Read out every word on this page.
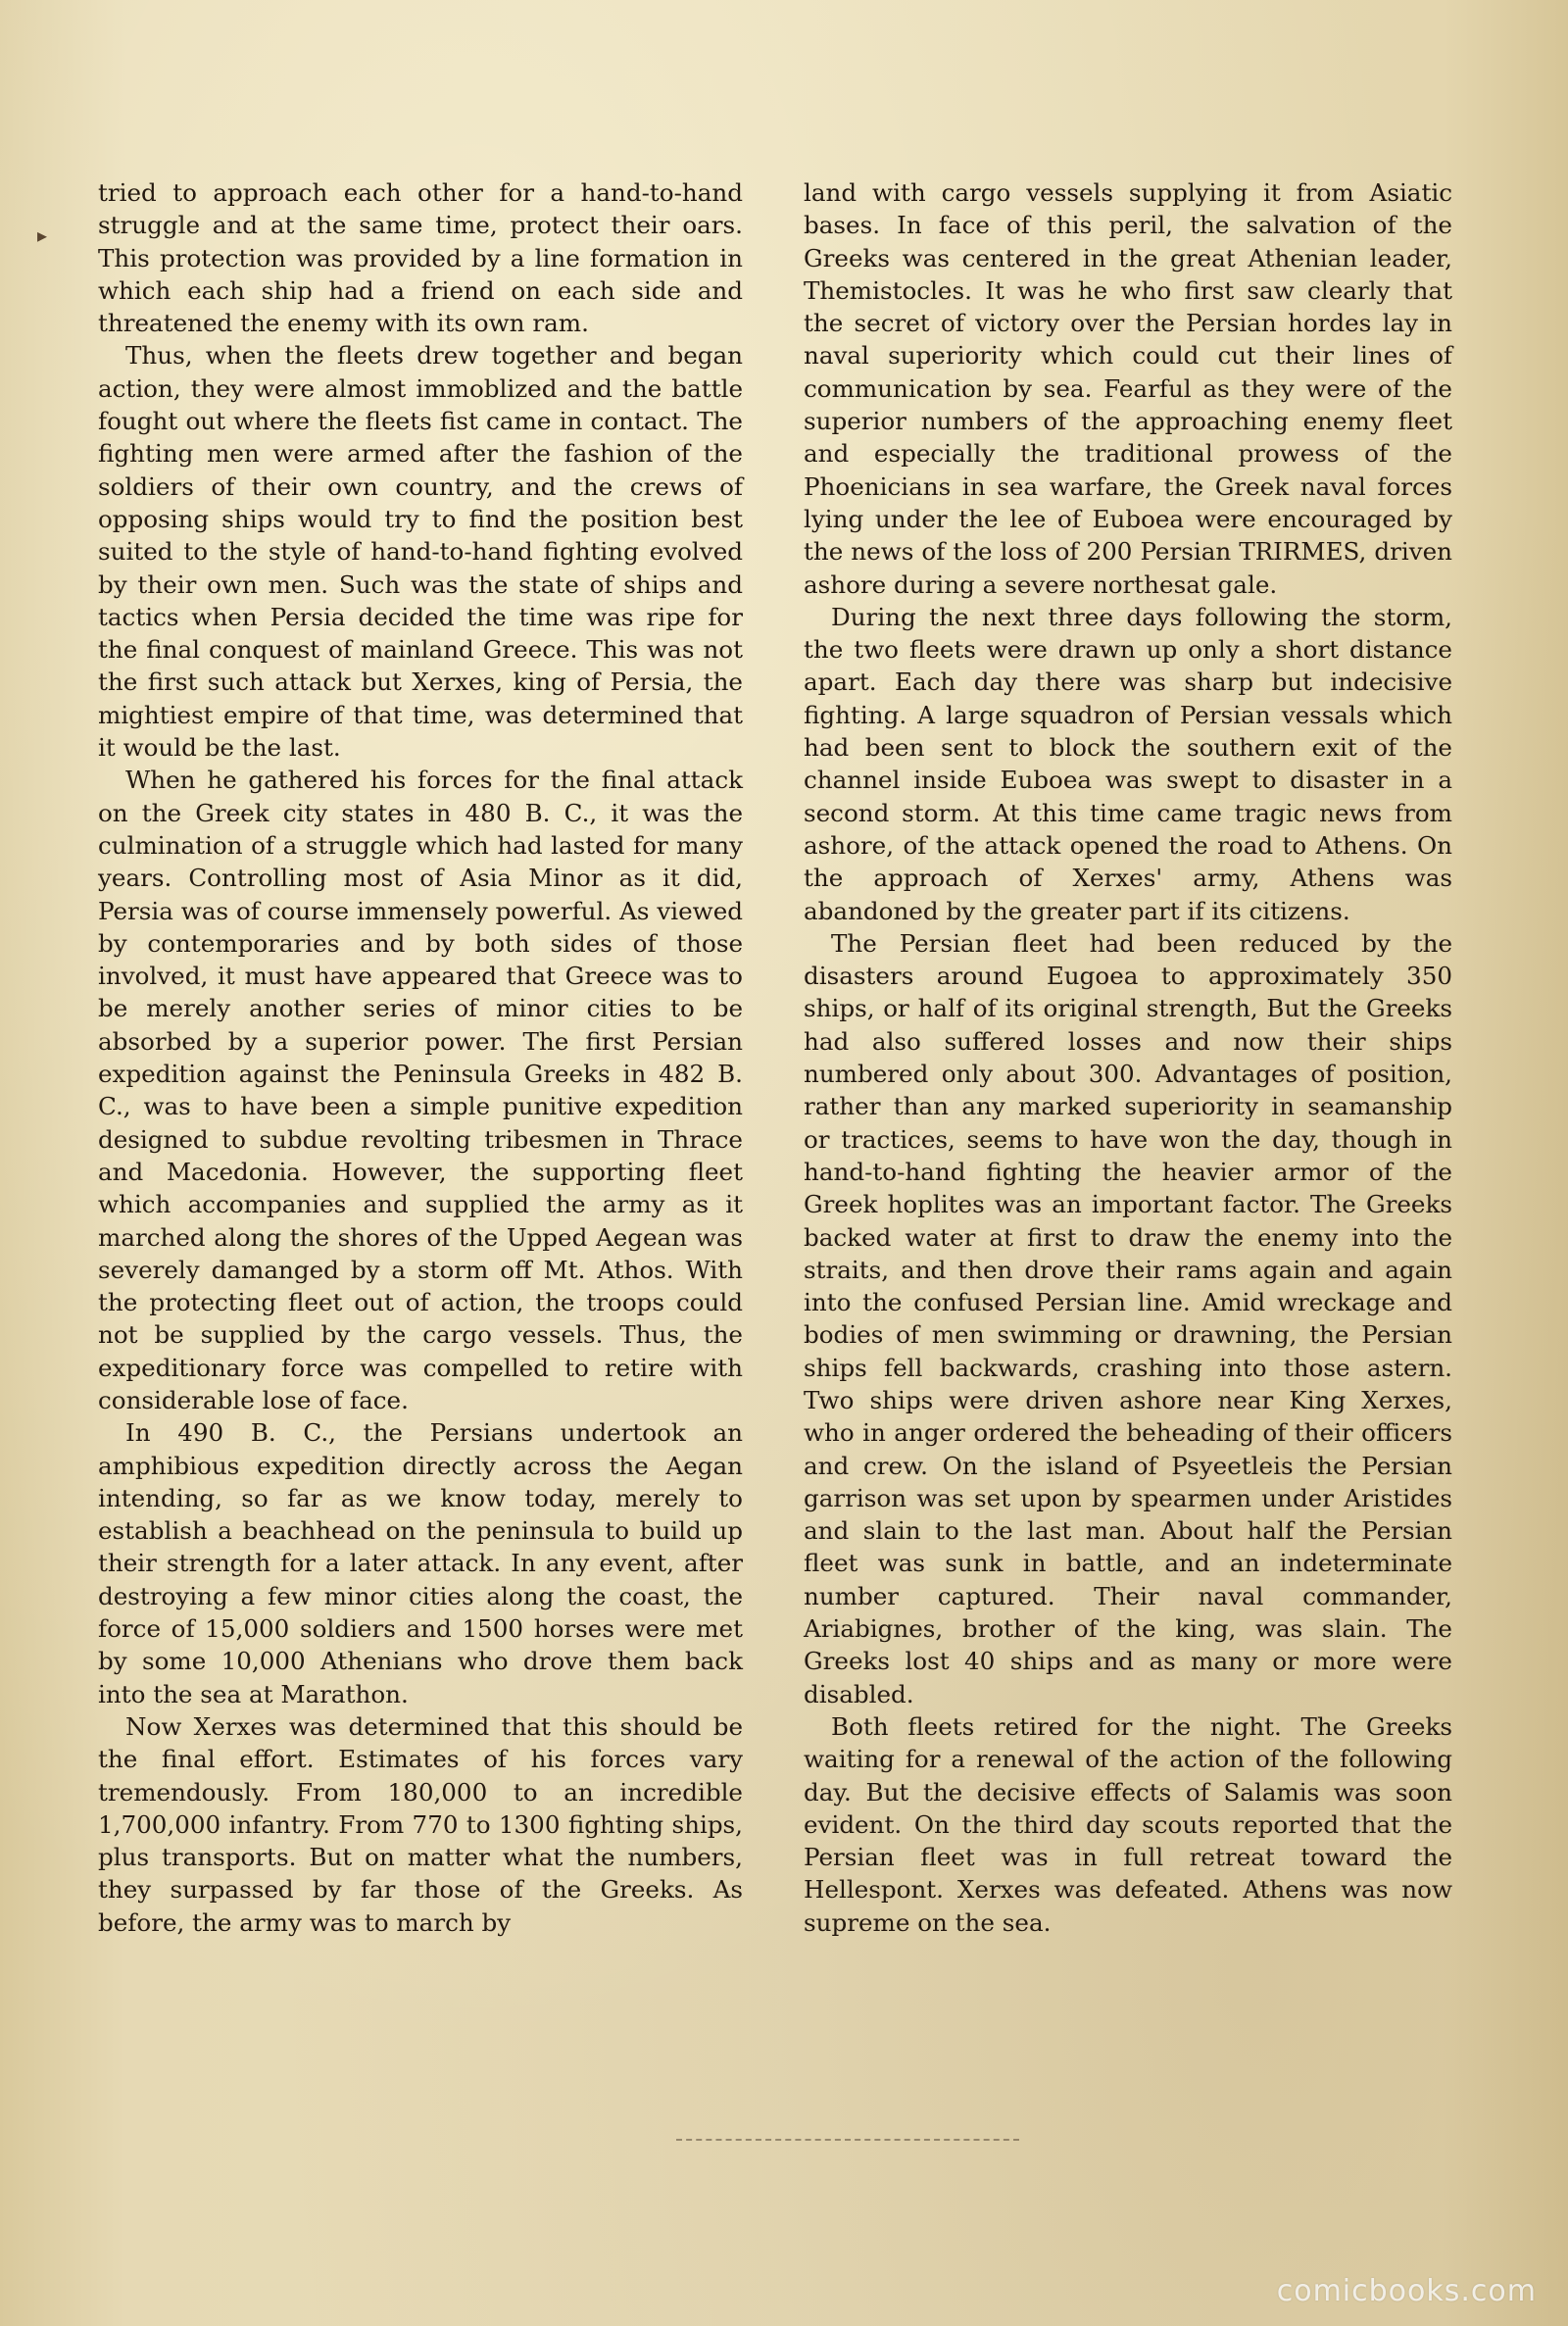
▸

tried to approach each other for a hand-to-hand struggle and at the same time, protect their oars. This protection was provided by a line formation in which each ship had a friend on each side and threatened the enemy with its own ram.

Thus, when the fleets drew together and began action, they were almost immoblized and the battle fought out where the fleets fist came in contact. The fighting men were armed after the fashion of the soldiers of their own country, and the crews of opposing ships would try to find the position best suited to the style of hand-to-hand fighting evolved by their own men. Such was the state of ships and tactics when Persia decided the time was ripe for the final conquest of mainland Greece. This was not the first such attack but Xerxes, king of Persia, the mightiest empire of that time, was determined that it would be the last.

When he gathered his forces for the final attack on the Greek city states in 480 B. C., it was the culmination of a struggle which had lasted for many years. Controlling most of Asia Minor as it did, Persia was of course immensely powerful. As viewed by contemporaries and by both sides of those involved, it must have appeared that Greece was to be merely another series of minor cities to be absorbed by a superior power. The first Persian expedition against the Peninsula Greeks in 482 B. C., was to have been a simple punitive expedition designed to subdue revolting tribesmen in Thrace and Macedonia. However, the supporting fleet which accompanies and supplied the army as it marched along the shores of the Upped Aegean was severely damanged by a storm off Mt. Athos. With the protecting fleet out of action, the troops could not be supplied by the cargo vessels. Thus, the expeditionary force was compelled to retire with considerable lose of face.

In 490 B. C., the Persians undertook an amphibious expedition directly across the Aegan intending, so far as we know today, merely to establish a beachhead on the peninsula to build up their strength for a later attack. In any event, after destroying a few minor cities along the coast, the force of 15,000 soldiers and 1500 horses were met by some 10,000 Athenians who drove them back into the sea at Marathon.

Now Xerxes was determined that this should be the final effort. Estimates of his forces vary tremendously. From 180,000 to an incredible 1,700,000 infantry. From 770 to 1300 fighting ships, plus transports. But on matter what the numbers, they surpassed by far those of the Greeks. As before, the army was to march by

land with cargo vessels supplying it from Asiatic bases. In face of this peril, the salvation of the Greeks was centered in the great Athenian leader, Themistocles. It was he who first saw clearly that the secret of victory over the Persian hordes lay in naval superiority which could cut their lines of communication by sea. Fearful as they were of the superior numbers of the approaching enemy fleet and especially the traditional prowess of the Phoenicians in sea warfare, the Greek naval forces lying under the lee of Euboea were encouraged by the news of the loss of 200 Persian TRIRMES, driven ashore during a severe northesat gale.

During the next three days following the storm, the two fleets were drawn up only a short distance apart. Each day there was sharp but indecisive fighting. A large squadron of Persian vessals which had been sent to block the southern exit of the channel inside Euboea was swept to disaster in a second storm. At this time came tragic news from ashore, of the attack opened the road to Athens. On the approach of Xerxes' army, Athens was abandoned by the greater part if its citizens.

The Persian fleet had been reduced by the disasters around Eugoea to approximately 350 ships, or half of its original strength, But the Greeks had also suffered losses and now their ships numbered only about 300. Advantages of position, rather than any marked superiority in seamanship or tractices, seems to have won the day, though in hand-to-hand fighting the heavier armor of the Greek hoplites was an important factor. The Greeks backed water at first to draw the enemy into the straits, and then drove their rams again and again into the confused Persian line. Amid wreckage and bodies of men swimming or drawning, the Persian ships fell backwards, crashing into those astern. Two ships were driven ashore near King Xerxes, who in anger ordered the beheading of their officers and crew. On the island of Psyeetleis the Persian garrison was set upon by spearmen under Aristides and slain to the last man. About half the Persian fleet was sunk in battle, and an indeterminate number captured. Their naval commander, Ariabignes, brother of the king, was slain. The Greeks lost 40 ships and as many or more were disabled.

Both fleets retired for the night. The Greeks waiting for a renewal of the action of the following day. But the decisive effects of Salamis was soon evident. On the third day scouts reported that the Persian fleet was in full retreat toward the Hellespont. Xerxes was defeated. Athens was now supreme on the sea.

comicbooks.com
